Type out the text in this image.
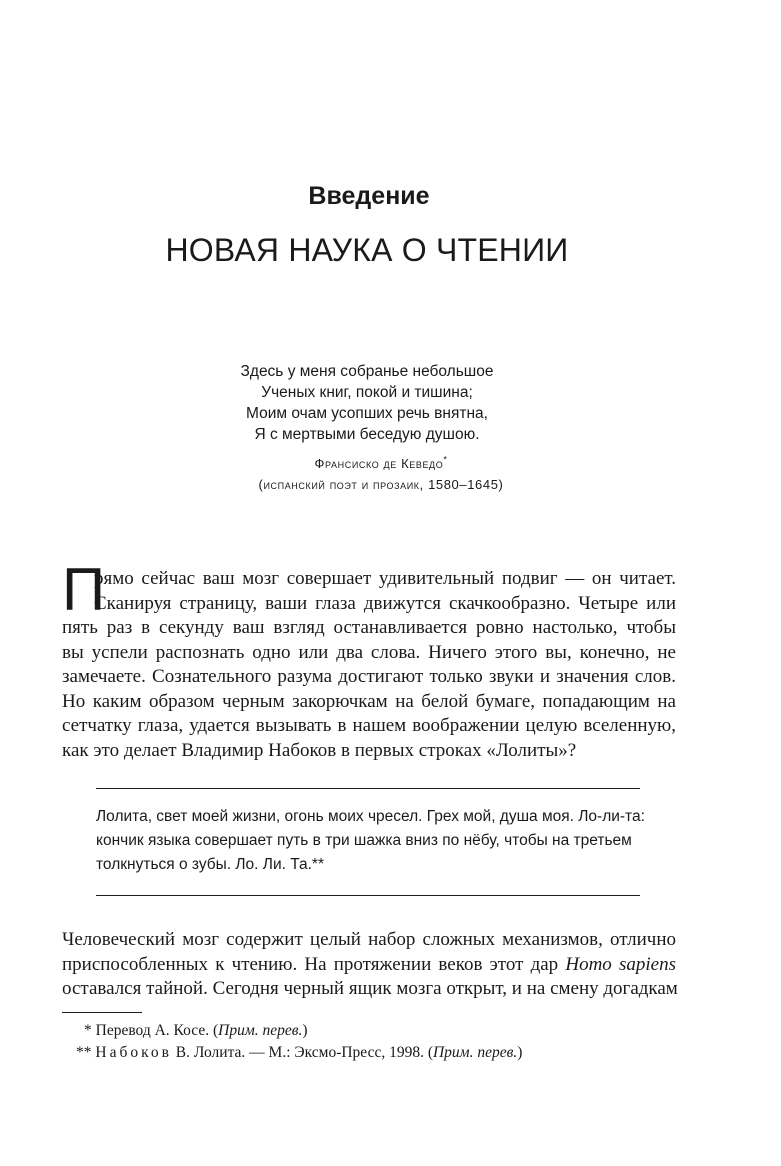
Введение
НОВАЯ НАУКА О ЧТЕНИИ
Здесь у меня собранье небольшое
Ученых книг, покой и тишина;
Моим очам усопших речь внятна,
Я с мертвыми беседую душою.
Франсиско де Кеведо*
(испанский поэт и прозаик, 1580–1645)
П
рямо сейчас ваш мозг совершает удивительный подвиг — он читает.
Сканируя страницу, ваши глаза движутся скачкообразно. Четыре или
пять раз в секунду ваш взгляд останавливается ровно настолько, чтобы
вы успели распознать одно или два слова. Ничего этого вы, конечно, не
замечаете. Сознательного разума достигают только звуки и значения слов.
Но каким образом черным закорючкам на белой бумаге, попадающим на
сетчатку глаза, удается вызывать в нашем воображении целую вселенную,
как это делает Владимир Набоков в первых строках «Лолиты»?
Лолита, свет моей жизни, огонь моих чресел. Грех мой, душа моя. Ло-ли-та:
кончик языка совершает путь в три шажка вниз по нёбу, чтобы на третьем
толкнуться о зубы. Ло. Ли. Та.**
Человеческий мозг содержит целый набор сложных механизмов, отлично
приспособленных к чтению. На протяжении веков этот дар Homo sapiens
оставался тайной. Сегодня черный ящик мозга открыт, и на смену догадкам
* Перевод А. Косе. (Прим. перев.)
** Набоков В. Лолита. — М.: Эксмо-Пресс, 1998. (Прим. перев.)
